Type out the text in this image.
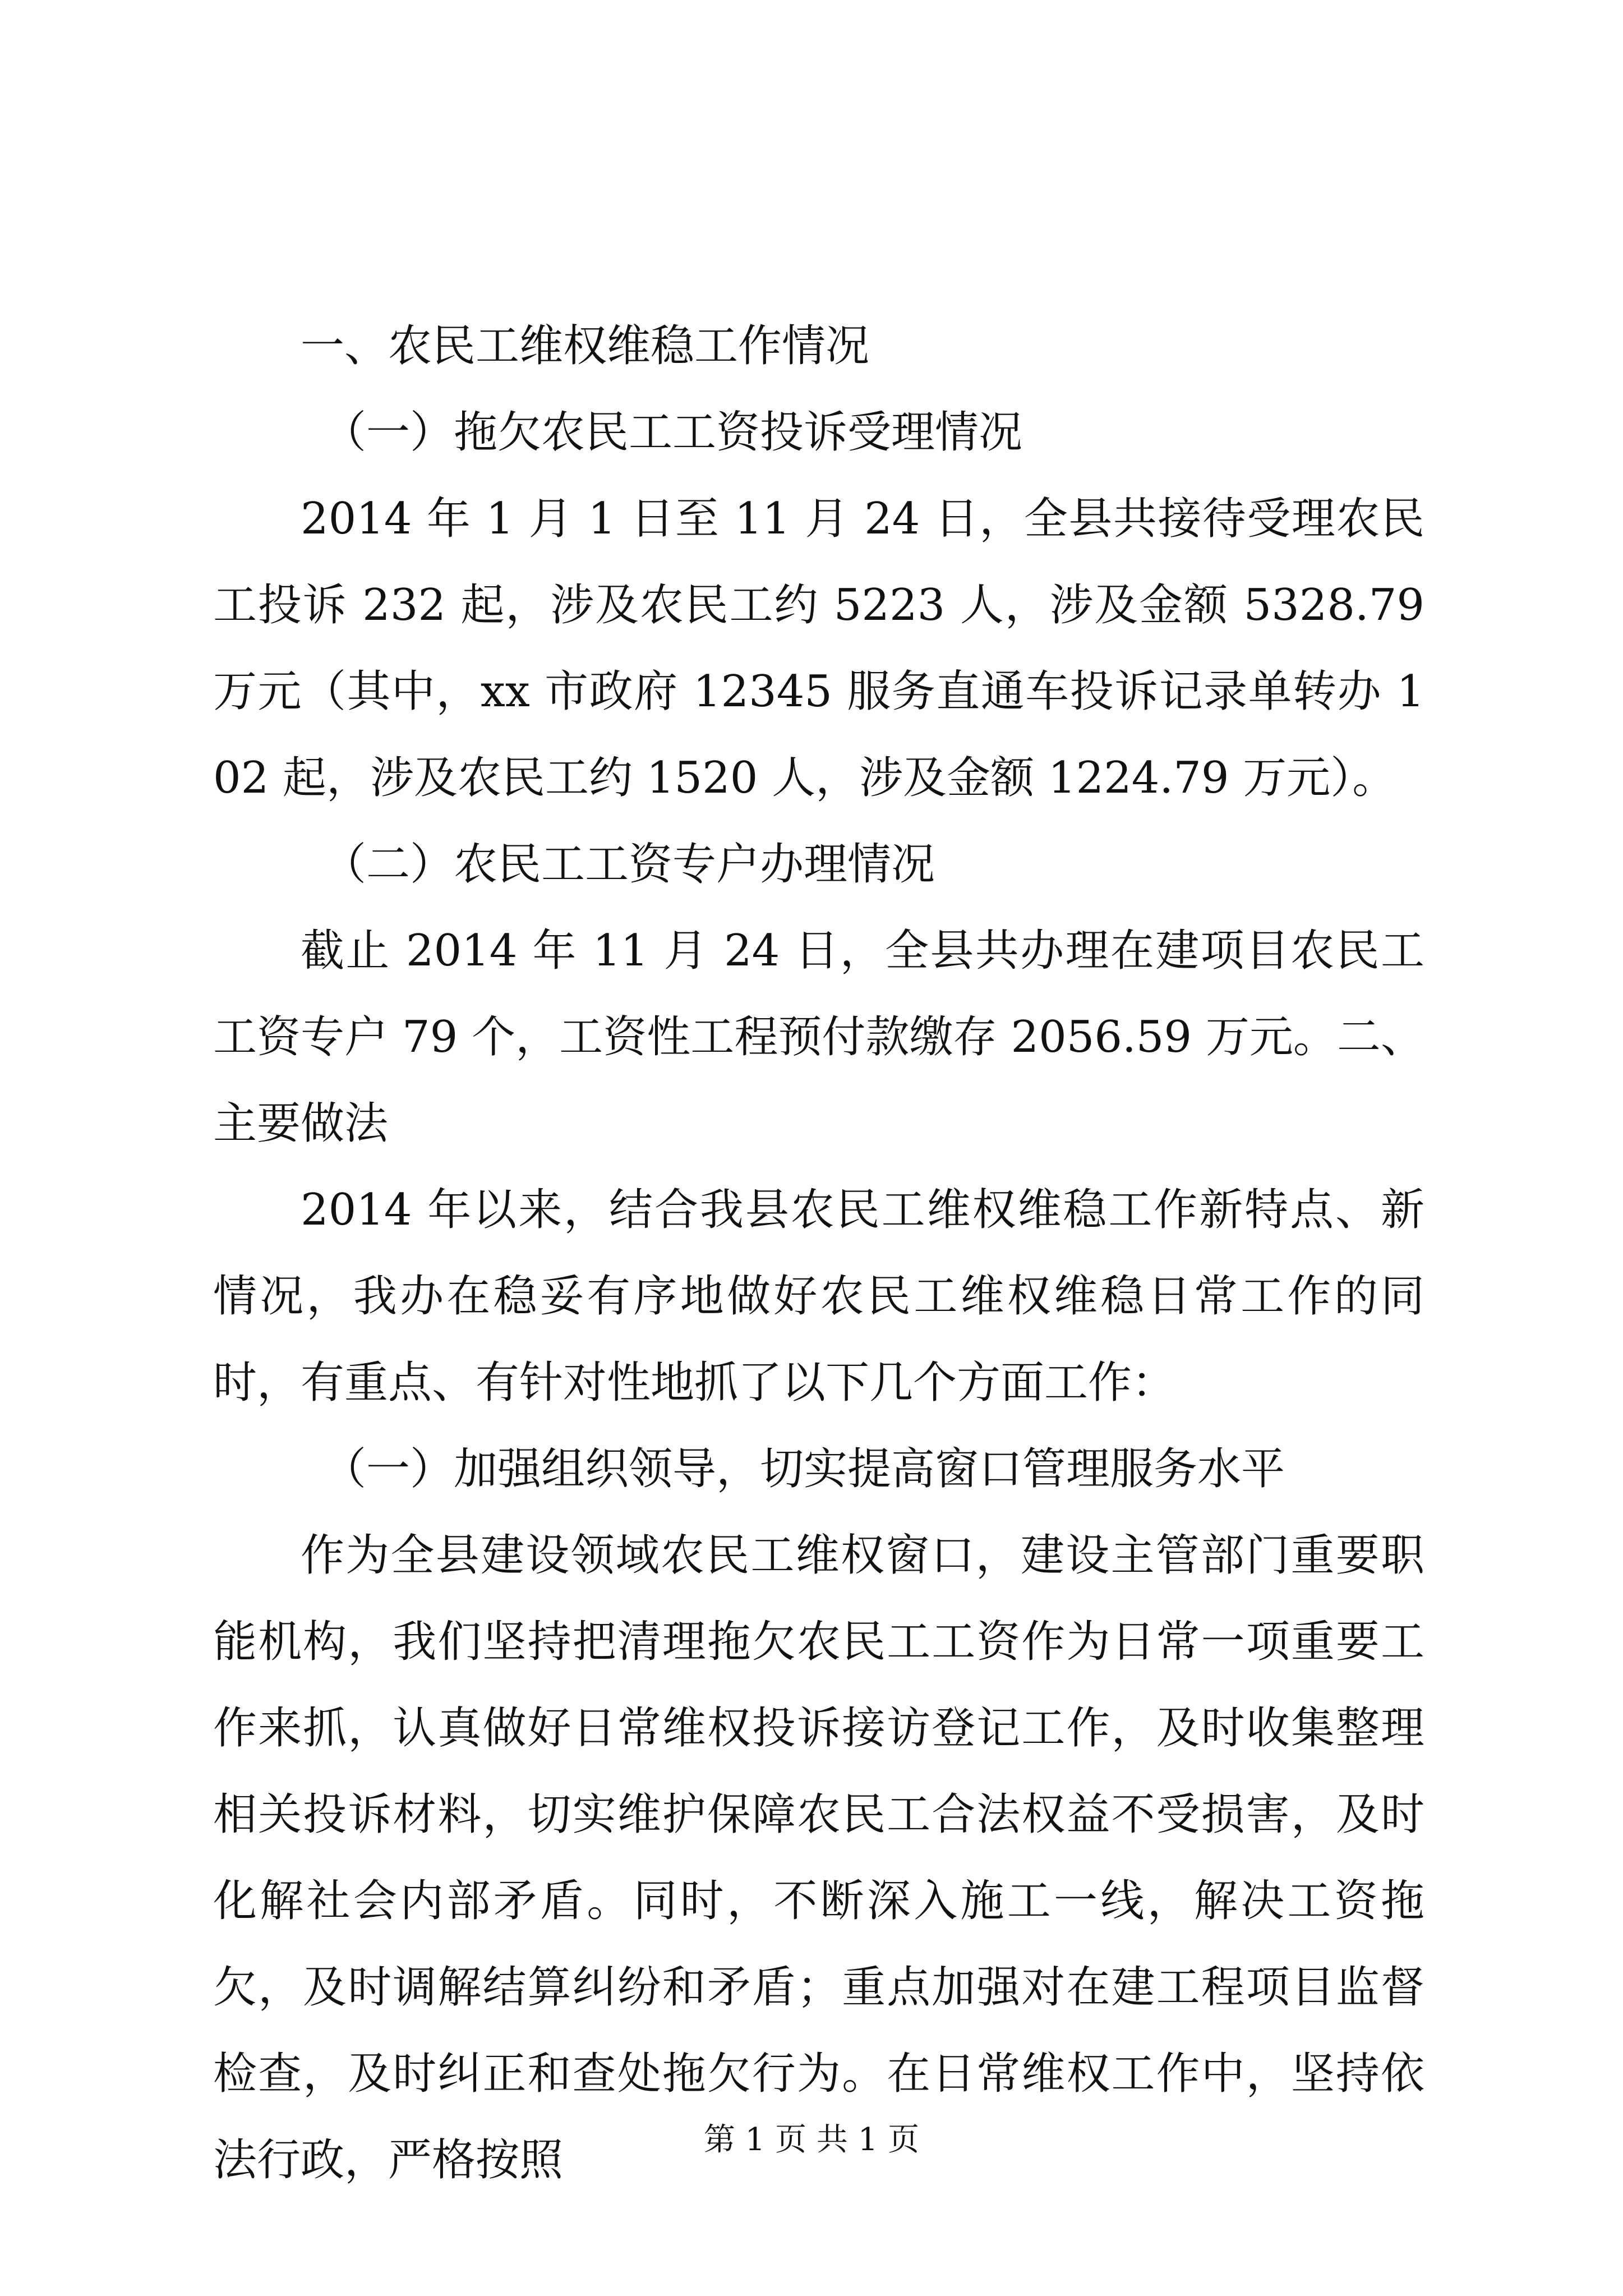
一、农民工维权维稳工作情况

（一）拖欠农民工工资投诉受理情况

2014 年 1 月 1 日至 11 月 24 日，全县共接待受理农民工投诉 232 起，涉及农民工约 5223 人，涉及金额 5328.79 万元（其中，xx 市政府 12345 服务直通车投诉记录单转办 102 起，涉及农民工约 1520 人，涉及金额 1224.79 万元）。

（二）农民工工资专户办理情况

截止 2014 年 11 月 24 日，全县共办理在建项目农民工工资专户 79 个，工资性工程预付款缴存 2056.59 万元。二、主要做法

2014 年以来，结合我县农民工维权维稳工作新特点、新情况，我办在稳妥有序地做好农民工维权维稳日常工作的同时，有重点、有针对性地抓了以下几个方面工作：

（一）加强组织领导，切实提高窗口管理服务水平

作为全县建设领域农民工维权窗口，建设主管部门重要职能机构，我们坚持把清理拖欠农民工工资作为日常一项重要工作来抓，认真做好日常维权投诉接访登记工作，及时收集整理相关投诉材料，切实维护保障农民工合法权益不受损害，及时化解社会内部矛盾。同时，不断深入施工一线，解决工资拖欠，及时调解结算纠纷和矛盾；重点加强对在建工程项目监督检查，及时纠正和查处拖欠行为。在日常维权工作中，坚持依法行政，严格按照	第 1 页 共 1 页
